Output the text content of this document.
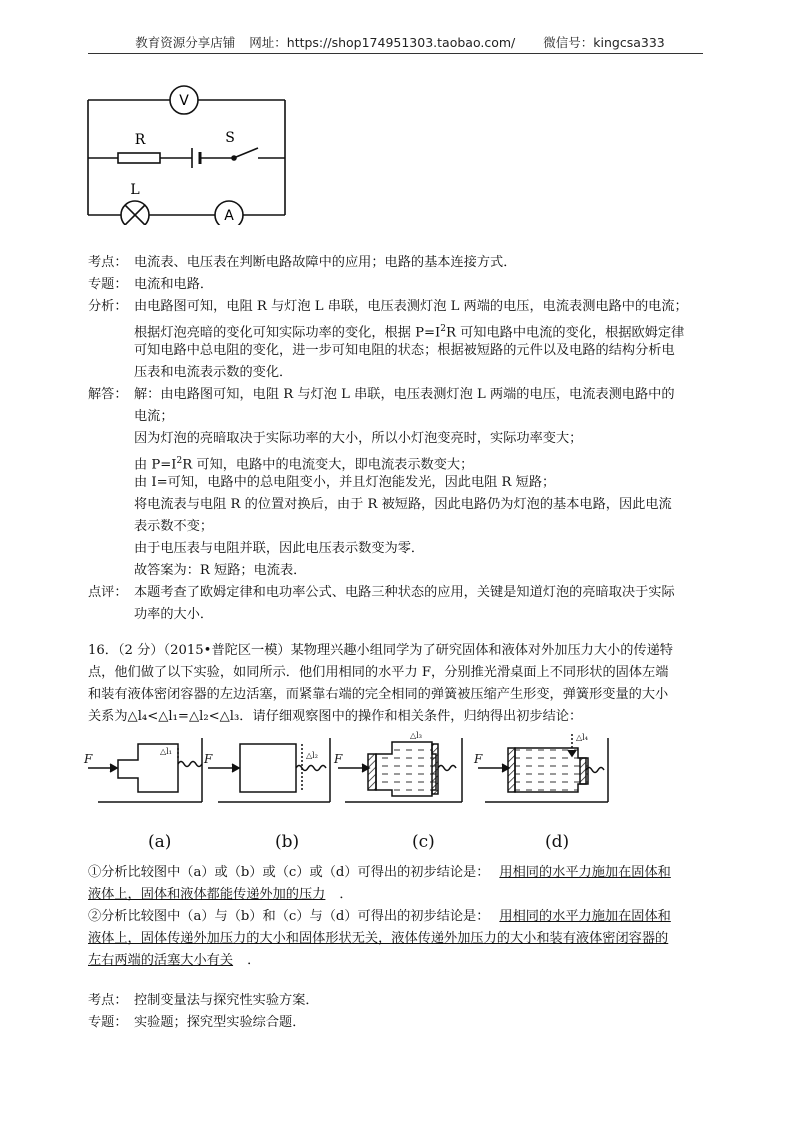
教育资源分享店铺 网址：https://shop174951303.taobao.com/ 微信号：kingcsa333
V
R	S
L
A
考点： 电流表、电压表在判断电路故障中的应用；电路的基本连接方式．
专题： 电流和电路．
分析： 由电路图可知，电阻 R 与灯泡 L 串联，电压表测灯泡 L 两端的电压，电流表测电路中的电流；
根据灯泡亮暗的变化可知实际功率的变化，根据 $P=I^2R$ 可知电路中电流的变化，根据欧姆定律
可知电路中总电阻的变化，进一步可知电阻的状态；根据被短路的元件以及电路的结构分析电
压表和电流表示数的变化．
解答： 解：由电路图可知，电阻 R 与灯泡 L 串联，电压表测灯泡 L 两端的电压，电流表测电路中的
电流；
因为灯泡的亮暗取决于实际功率的大小，所以小灯泡变亮时，实际功率变大；
由 $P=I^2R$ 可知，电路中的电流变大，即电流表示数变大；
由 I=可知，电路中的总电阻变小，并且灯泡能发光，因此电阻 R 短路；
将电流表与电阻 R 的位置对换后，由于 R 被短路，因此电路仍为灯泡的基本电路，因此电流
表示数不变；
由于电压表与电阻并联，因此电压表示数变为零．
故答案为：R 短路；电流表．
点评： 本题考查了欧姆定律和电功率公式、电路三种状态的应用，关键是知道灯泡的亮暗取决于实际
功率的大小．
16．（2 分）（2015•普陀区一模）某物理兴趣小组同学为了研究固体和液体对外加压力大小的传递特
点，他们做了以下实验，如同所示．他们用相同的水平力 F，分别推光滑桌面上不同形状的固体左端
和装有液体密闭容器的左边活塞，而紧靠右端的完全相同的弹簧被压缩产生形变，弹簧形变量的大小
关系为△l₄<△l₁=△l₂<△l₃．请仔细观察图中的操作和相关条件，归纳得出初步结论：
F	F	F	F
△l₁	△l₂
△l₃	△l₄
(a)	(b)	(c)	(d)
①分析比较图中（a）或（b）或（c）或（d）可得出的初步结论是： 用相同的水平力施加在固体和
液体上，固体和液体都能传递外加的压力 ．
②分析比较图中（a）与（b）和（c）与（d）可得出的初步结论是： 用相同的水平力施加在固体和
液体上，固体传递外加压力的大小和固体形状无关，液体传递外加压力的大小和装有液体密闭容器的
左右两端的活塞大小有关 ．
考点： 控制变量法与探究性实验方案．
专题： 实验题；探究型实验综合题．
